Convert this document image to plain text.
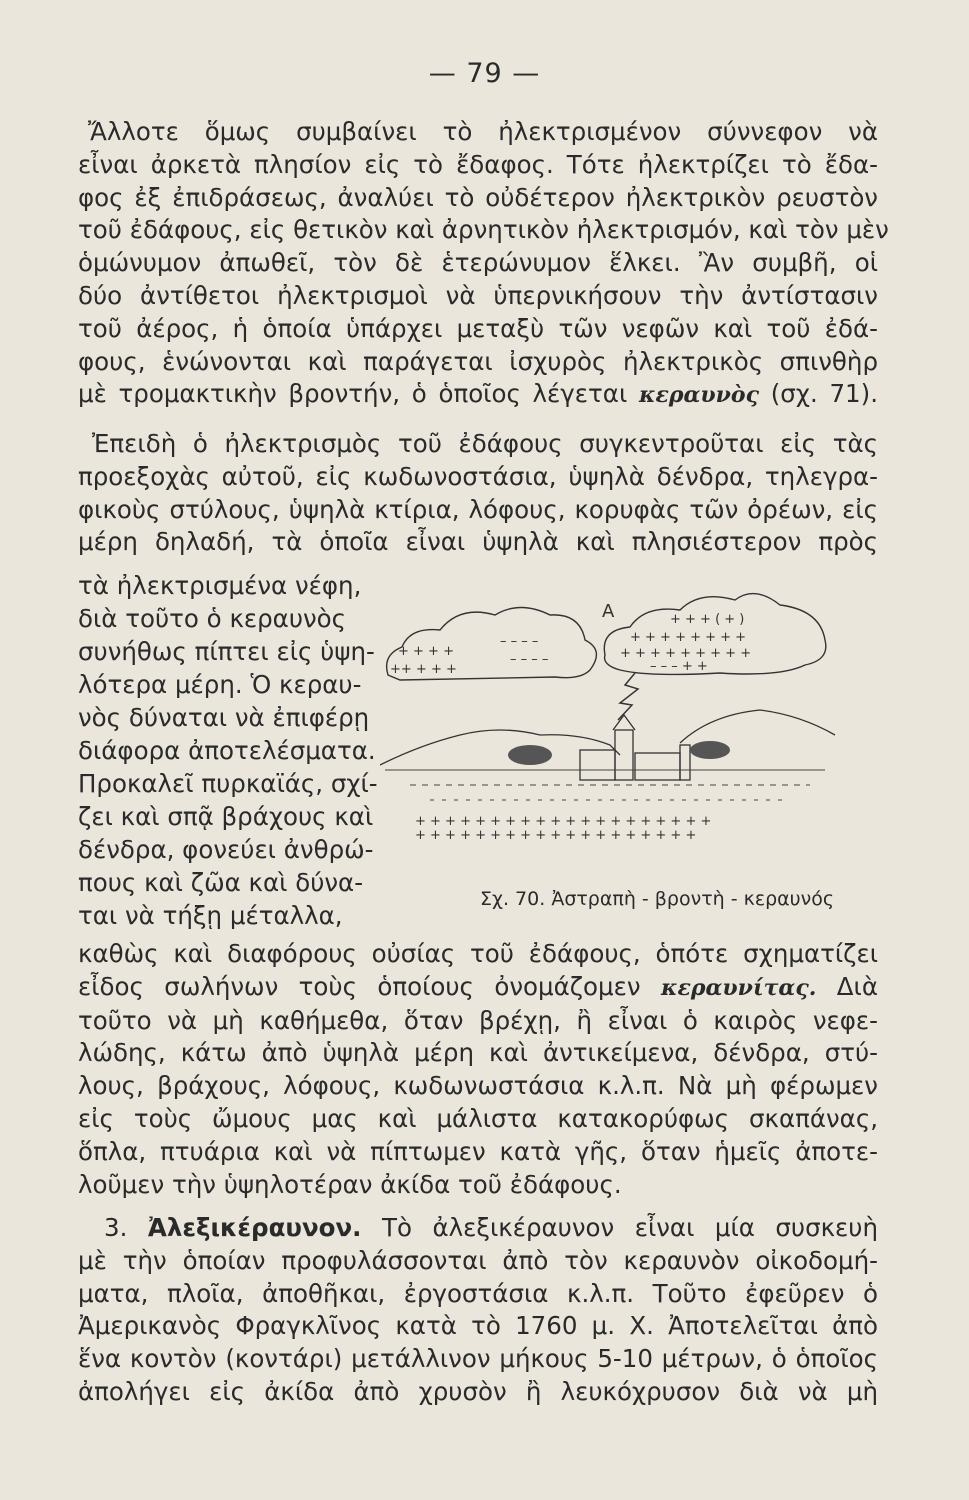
— 79 —
Ἄλλοτε ὅμως συμβαίνει τὸ ἠλεκτρισμένον σύννεφον νὰ
εἶναι ἀρκετὰ πλησίον εἰς τὸ ἔδαφος. Τότε ἠλεκτρίζει τὸ ἔδα-
φος ἐξ ἐπιδράσεως, ἀναλύει τὸ οὐδέτερον ἠλεκτρικὸν ρευστὸν
τοῦ ἐδάφους, εἰς θετικὸν καὶ ἀρνητικὸν ἠλεκτρισμόν, καὶ τὸν μὲν
ὁμώνυμον ἀπωθεῖ, τὸν δὲ ἑτερώνυμον ἕλκει. Ἂν συμβῆ, οἱ
δύο ἀντίθετοι ἠλεκτρισμοὶ νὰ ὑπερνικήσουν τὴν ἀντίστασιν
τοῦ ἀέρος, ἡ ὁποία ὑπάρχει μεταξὺ τῶν νεφῶν καὶ τοῦ ἐδά-
φους, ἑνώνονται καὶ παράγεται ἰσχυρὸς ἠλεκτρικὸς σπινθὴρ
μὲ τρομακτικὴν βροντήν, ὁ ὁποῖος λέγεται κεραυνὸς (σχ. 71).
Ἐπειδὴ ὁ ἠλεκτρισμὸς τοῦ ἐδάφους συγκεντροῦται εἰς τὰς
προεξοχὰς αὐτοῦ, εἰς κωδωνοστάσια, ὑψηλὰ δένδρα, τηλεγρα-
φικοὺς στύλους, ὑψηλὰ κτίρια, λόφους, κορυφὰς τῶν ὀρέων, εἰς
μέρη δηλαδή, τὰ ὁποῖα εἶναι ὑψηλὰ καὶ πλησιέστερον πρὸς
τὰ ἠλεκτρισμένα νέφη,
διὰ τοῦτο ὁ κεραυνὸς
συνήθως πίπτει εἰς ὑψη-
λότερα μέρη. Ὁ κεραυ-
νὸς δύναται νὰ ἐπιφέρῃ
διάφορα ἀποτελέσματα.
Προκαλεῖ πυρκαϊάς, σχί-
ζει καὶ σπᾷ βράχους καὶ
δένδρα, φονεύει ἀνθρώ-
πους καὶ ζῶα καὶ δύνα-
ται νὰ τήξῃ μέταλλα,
+ + + +
++ + + +
– – – –
– – – –
+ + + ( + )
+ + + + + + + +
+ + + + + + + + +
– – – + +
A
+ + + + + + + + + + + + + + + + + + + +
+ + + + + + + + + + + + + + + + + + +
Σχ. 70. Ἀστραπὴ - βροντὴ - κεραυνός
καθὼς καὶ διαφόρους οὐσίας τοῦ ἐδάφους, ὁπότε σχηματίζει
εἶδος σωλήνων τοὺς ὁποίους ὀνομάζομεν κεραυνίτας. Διὰ
τοῦτο νὰ μὴ καθήμεθα, ὅταν βρέχῃ, ἢ εἶναι ὁ καιρὸς νεφε-
λώδης, κάτω ἀπὸ ὑψηλὰ μέρη καὶ ἀντικείμενα, δένδρα, στύ-
λους, βράχους, λόφους, κωδωνωστάσια κ.λ.π. Νὰ μὴ φέρωμεν
εἰς τοὺς ὤμους μας καὶ μάλιστα κατακορύφως σκαπάνας,
ὅπλα, πτυάρια καὶ νὰ πίπτωμεν κατὰ γῆς, ὅταν ἡμεῖς ἀποτε-
λοῦμεν τὴν ὑψηλοτέραν ἀκίδα τοῦ ἐδάφους.
3. Ἀλεξικέραυνον. Τὸ ἀλεξικέραυνον εἶναι μία συσκευὴ
μὲ τὴν ὁποίαν προφυλάσσονται ἀπὸ τὸν κεραυνὸν οἰκοδομή-
ματα, πλοῖα, ἀποθῆκαι, ἐργοστάσια κ.λ.π. Τοῦτο ἐφεῦρεν ὁ
Ἀμερικανὸς Φραγκλῖνος κατὰ τὸ 1760 μ. Χ. Ἀποτελεῖται ἀπὸ
ἕνα κοντὸν (κοντάρι) μετάλλινον μήκους 5-10 μέτρων, ὁ ὁποῖος
ἀπολήγει εἰς ἀκίδα ἀπὸ χρυσὸν ἢ λευκόχρυσον διὰ νὰ μὴ
